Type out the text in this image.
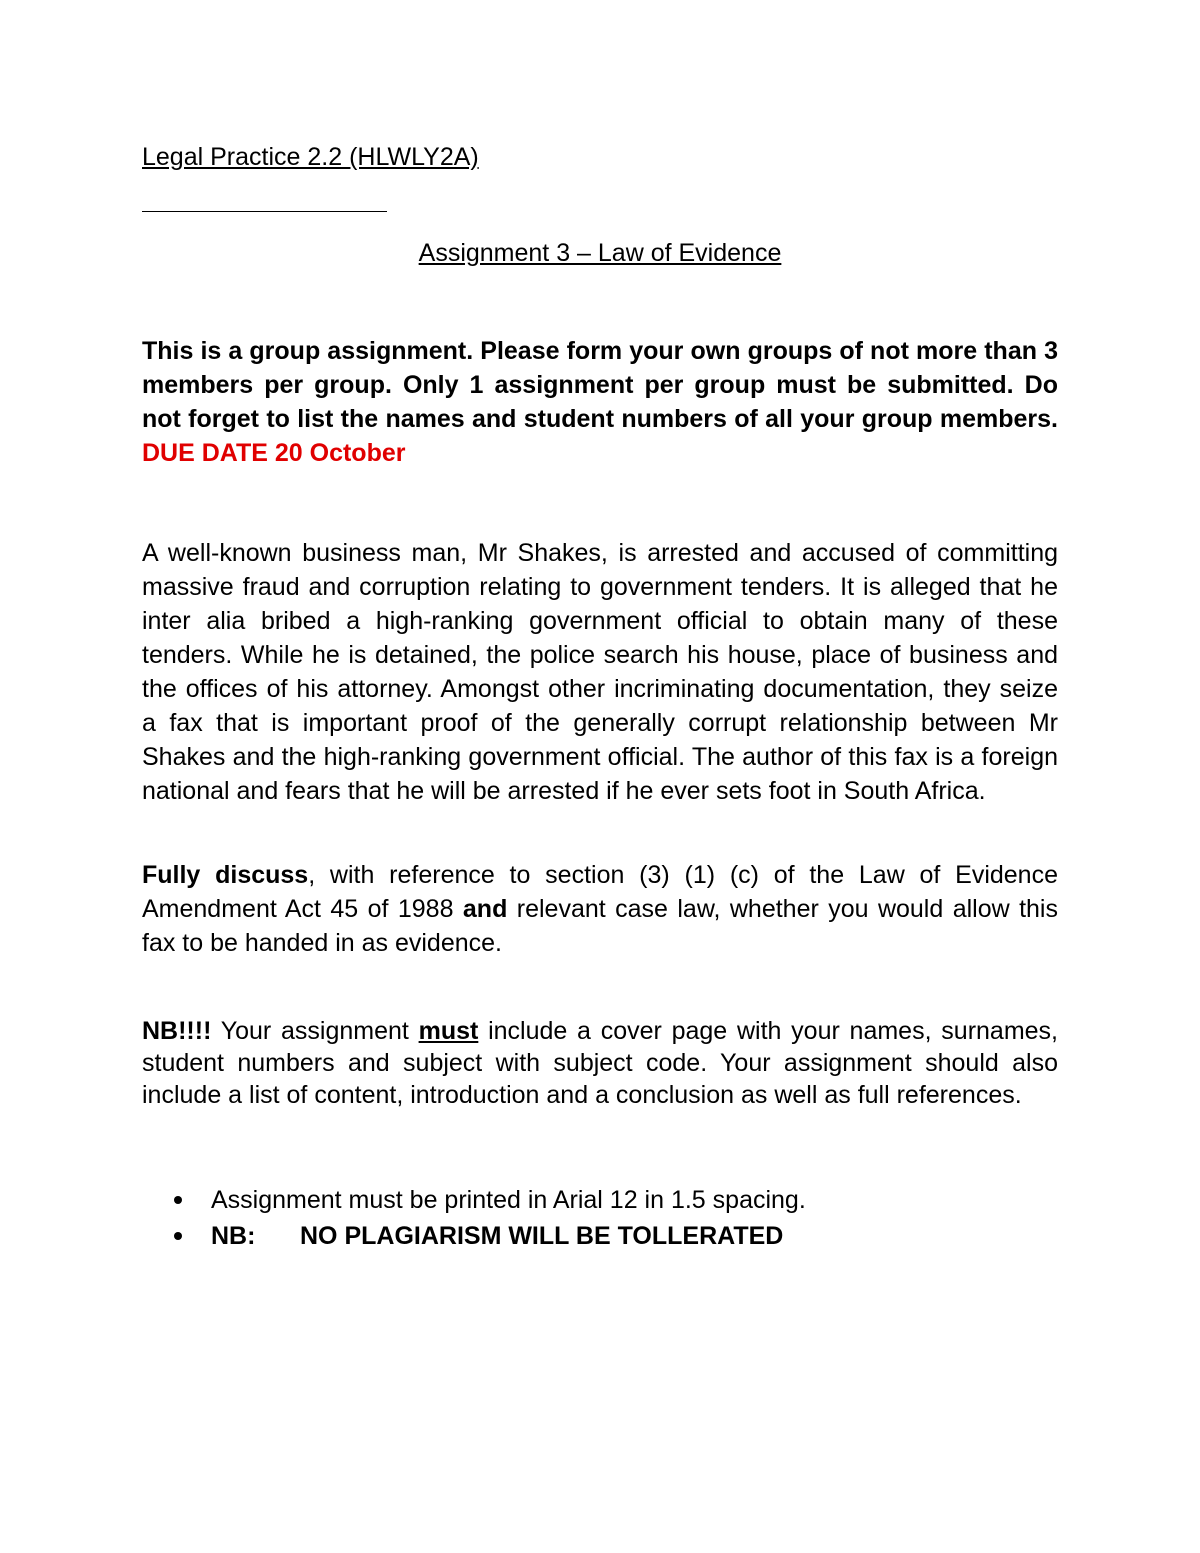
Legal Practice 2.2 (HLWLY2A)
Assignment 3 – Law of Evidence

This is a group assignment. Please form your own groups of not more than 3 members per group. Only 1 assignment per group must be submitted. Do not forget to list the names and student numbers of all your group members. DUE DATE 20 October

A well-known business man, Mr Shakes, is arrested and accused of committing massive fraud and corruption relating to government tenders. It is alleged that he inter alia bribed a high-ranking government official to obtain many of these tenders. While he is detained, the police search his house, place of business and the offices of his attorney. Amongst other incriminating documentation, they seize a fax that is important proof of the generally corrupt relationship between Mr Shakes and the high-ranking government official. The author of this fax is a foreign national and fears that he will be arrested if he ever sets foot in South Africa.

Fully discuss, with reference to section (3) (1) (c) of the Law of Evidence Amendment Act 45 of 1988 and relevant case law, whether you would allow this fax to be handed in as evidence.

NB!!!! Your assignment must include a cover page with your names, surnames, student numbers and subject with subject code. Your assignment should also include a list of content, introduction and a conclusion as well as full references.

Assignment must be printed in Arial 12 in 1.5 spacing.
NB: NO PLAGIARISM WILL BE TOLLERATED
